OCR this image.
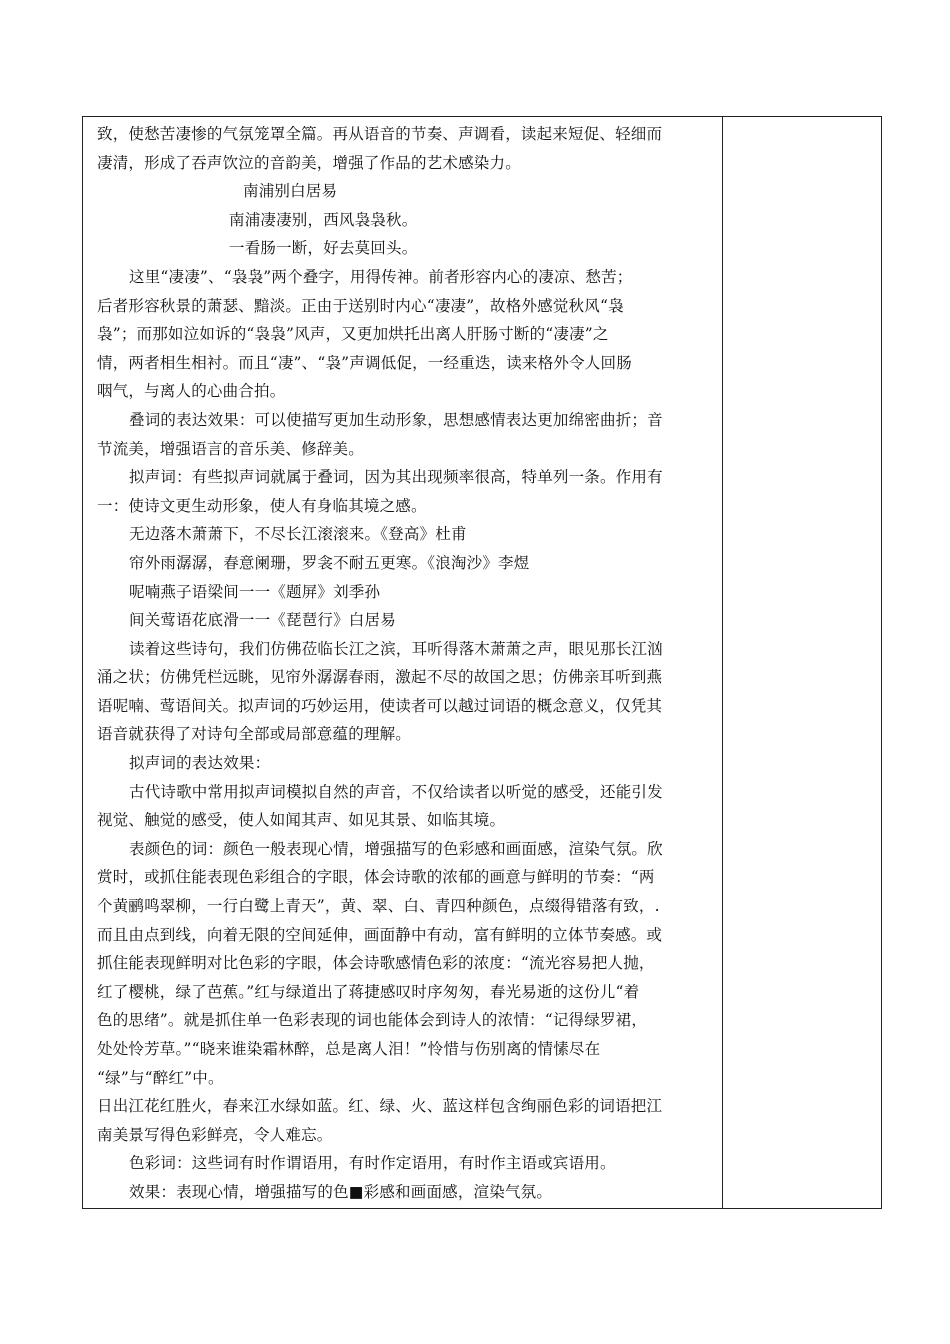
致，使愁苦凄惨的气氛笼罩全篇。再从语音的节奏、声调看，读起来短促、轻细而
凄清，形成了吞声饮泣的音韵美，增强了作品的艺术感染力。
南浦别白居易
南浦凄凄别，西风袅袅秋。
一看肠一断，好去莫回头。
这里“凄凄”、“袅袅”两个叠字，用得传神。前者形容内心的凄凉、愁苦；
后者形容秋景的萧瑟、黯淡。正由于送别时内心“凄凄”，故格外感觉秋风“袅
袅”；而那如泣如诉的“袅袅”风声，又更加烘托出离人肝肠寸断的“凄凄”之
情，两者相生相衬。而且“凄”、“袅”声调低促，一经重迭，读来格外令人回肠
咽气，与离人的心曲合拍。
叠词的表达效果：可以使描写更加生动形象，思想感情表达更加绵密曲折；音
节流美，增强语言的音乐美、修辞美。
拟声词：有些拟声词就属于叠词，因为其出现频率很高，特单列一条。作用有
一：使诗文更生动形象，使人有身临其境之感。
无边落木萧萧下，不尽长江滚滚来。《登高》杜甫
帘外雨潺潺，春意阑珊，罗衾不耐五更寒。《浪淘沙》李煜
呢喃燕子语梁间一一《题屏》刘季孙
间关莺语花底滑一一《琵琶行》白居易
读着这些诗句，我们仿佛莅临长江之滨，耳听得落木萧萧之声，眼见那长江汹
涌之状；仿佛凭栏远眺，见帘外潺潺春雨，激起不尽的故国之思；仿佛亲耳听到燕
语呢喃、莺语间关。拟声词的巧妙运用，使读者可以越过词语的概念意义，仅凭其
语音就获得了对诗句全部或局部意蕴的理解。
拟声词的表达效果：
古代诗歌中常用拟声词模拟自然的声音，不仅给读者以听觉的感受，还能引发
视觉、触觉的感受，使人如闻其声、如见其景、如临其境。
表颜色的词：颜色一般表现心情，增强描写的色彩感和画面感，渲染气氛。欣
赏时，或抓住能表现色彩组合的字眼，体会诗歌的浓郁的画意与鲜明的节奏：“两
个黄鹂鸣翠柳，一行白鹭上青天”，黄、翠、白、青四种颜色，点缀得错落有致，.
而且由点到线，向着无限的空间延伸，画面静中有动，富有鲜明的立体节奏感。或
抓住能表现鲜明对比色彩的字眼，体会诗歌感情色彩的浓度：“流光容易把人抛，
红了樱桃，绿了芭蕉。”红与绿道出了蒋捷感叹时序匆匆，春光易逝的这份儿“着
色的思绪”。就是抓住单一色彩表现的词也能体会到诗人的浓情：“记得绿罗裙，
处处怜芳草。”“晓来谁染霜林醉，总是离人泪！”怜惜与伤别离的情愫尽在
“绿”与“醉红”中。
日出江花红胜火，春来江水绿如蓝。红、绿、火、蓝这样包含绚丽色彩的词语把江
南美景写得色彩鲜亮，令人难忘。
色彩词：这些词有时作谓语用，有时作定语用，有时作主语或宾语用。
效果：表现心情，增强描写的色■彩感和画面感，渲染气氛。
